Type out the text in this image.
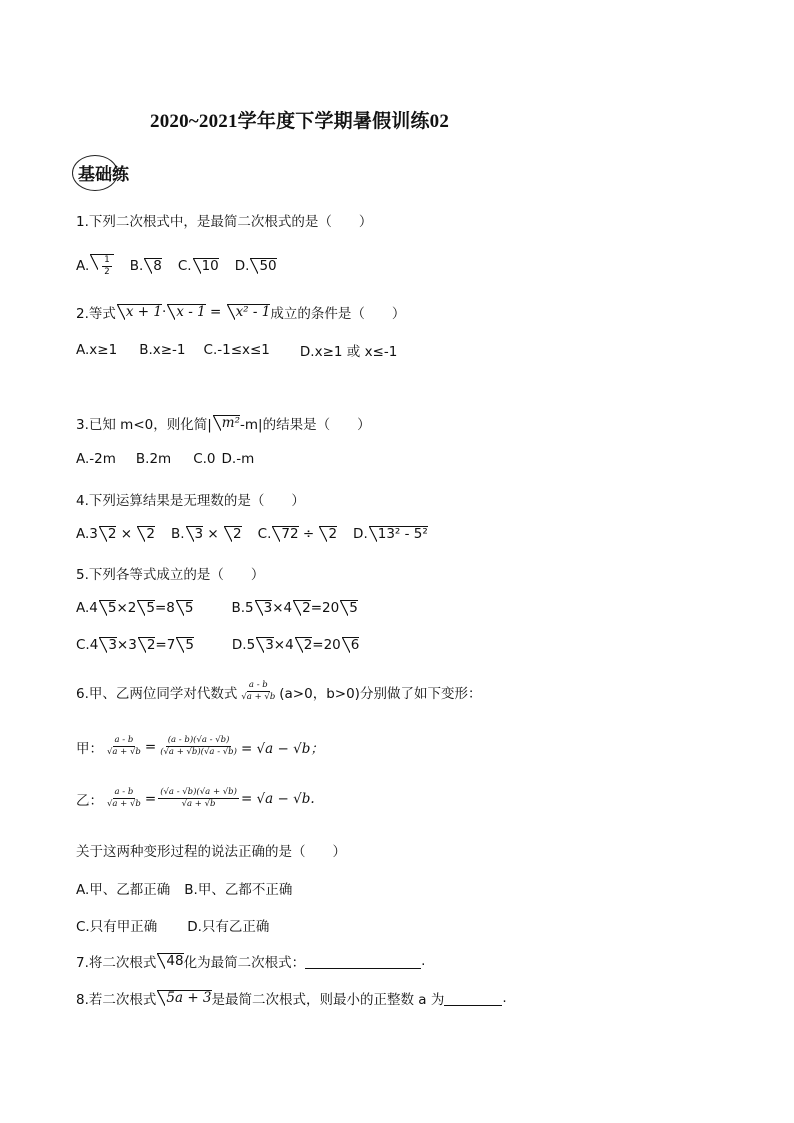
2020~2021学年度下学期暑假训练02
基础练
1.下列二次根式中，是最简二次根式的是（　　）
A. $\frac{1}{2} B$. 8 C. 10 D. 50
2.等式 x + 1 · x - 1 = x² - 1 成立的条件是（　　）
A.x≥1 B.x≥-1 C.-1≤x≤1 D.x≥1 或 x≤-1
3.已知 m<0，则化简| m² -m|的结果是（　　）
A.-2m B.2m C.0 D.-m
4.下列运算结果是无理数的是（　　）
A.3 2 × 2 B. 3 × 2 C. 72 ÷ 2 D. 13² - 5²
5.下列各等式成立的是（　　）
A.4 5 ×2 5 =8 5	B.5 3 ×4 2 =20 5
C.4 3 ×3 2 =7 5	D.5 3 ×4 2 =20 6
6.甲、乙两位同学对代数式 $\frac{a - b}{√a + √b} (a>0$，b>0)分别做了如下变形：
甲： $\frac{a - b}{√a + √b} = \frac{(a - b)(√a - √b)}{(√a + √b)(√a - √b)} = √a - √b$；
乙： $\frac{a - b}{√a + √b} = \frac{(√a - √b)(√a + √b)}{√a + √b} = √a - √b$.
关于这两种变形过程的说法正确的是（　　）
A.甲、乙都正确 B.甲、乙都不正确
C.只有甲正确 D.只有乙正确
7.将二次根式 48 化为最简二次根式：	.
8.若二次根式 5a + 3 是最简二次根式，则最小的正整数 a 为	.
